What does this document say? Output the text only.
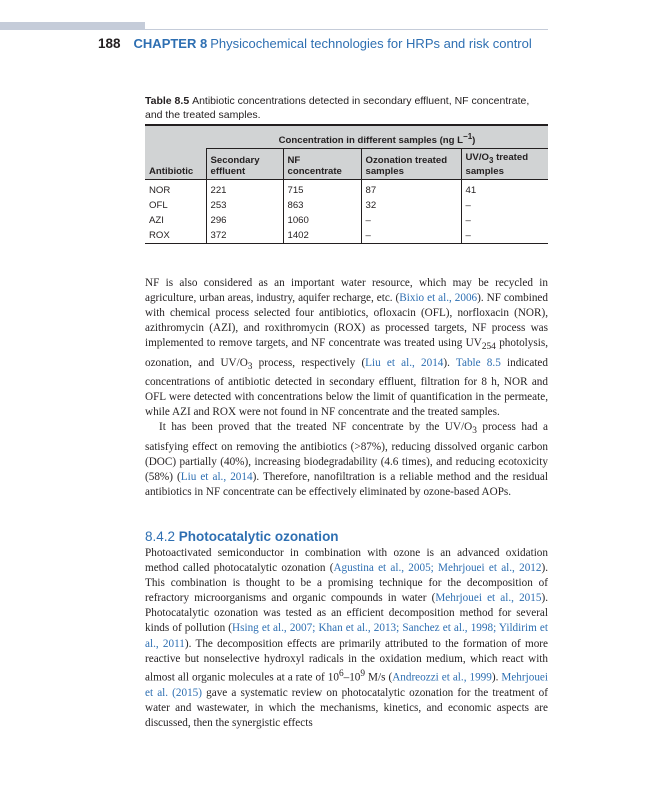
188 CHAPTER 8 Physicochemical technologies for HRPs and risk control
Table 8.5 Antibiotic concentrations detected in secondary effluent, NF concentrate, and the treated samples.
	Concentration in different samples (ng $L^{-1}$)			
Antibiotic	Secondary effluent	NF concentrate	Ozonation treated samples	$UV/O_3$ treated samples
NOR	221	715	87	41
OFL	253	863	32	–
AZI	296	1060	–	–
ROX	372	1402	–	–

NF is also considered as an important water resource, which may be recycled in agriculture, urban areas, industry, aquifer recharge, etc. (Bixio et al., 2006). NF combined with chemical process selected four antibiotics, ofloxacin (OFL), norfloxacin (NOR), azithromycin (AZI), and roxithromycin (ROX) as processed targets, NF process was implemented to remove targets, and NF concentrate was treated using $UV_{254}$ photolysis, ozonation, and $UV/O_3$ process, respectively (Liu et al., 2014). Table 8.5 indicated concentrations of antibiotic detected in secondary effluent, filtration for 8 h, NOR and OFL were detected with concentrations below the limit of quantification in the permeate, while AZI and ROX were not found in NF concentrate and the treated samples.

It has been proved that the treated NF concentrate by the $UV/O_3$ process had a satisfying effect on removing the antibiotics (>87%), reducing dissolved organic carbon (DOC) partially (40%), increasing biodegradability (4.6 times), and reducing ecotoxicity (58%) (Liu et al., 2014). Therefore, nanofiltration is a reliable method and the residual antibiotics in NF concentrate can be effectively eliminated by ozone-based AOPs.

8.4.2 Photocatalytic ozonation

Photoactivated semiconductor in combination with ozone is an advanced oxidation method called photocatalytic ozonation (Agustina et al., 2005; Mehrjouei et al., 2012). This combination is thought to be a promising technique for the decomposition of refractory microorganisms and organic compounds in water (Mehrjouei et al., 2015). Photocatalytic ozonation was tested as an efficient decomposition method for several kinds of pollution (Hsing et al., 2007; Khan et al., 2013; Sanchez et al., 1998; Yildirim et al., 2011). The decomposition effects are primarily attributed to the formation of more reactive but nonselective hydroxyl radicals in the oxidation medium, which react with almost all organic molecules at a rate of $10^6-10^9$ M/s (Andreozzi et al., 1999). Mehrjouei et al. (2015) gave a systematic review on photocatalytic ozonation for the treatment of water and wastewater, in which the mechanisms, kinetics, and economic aspects are discussed, then the synergistic effects
